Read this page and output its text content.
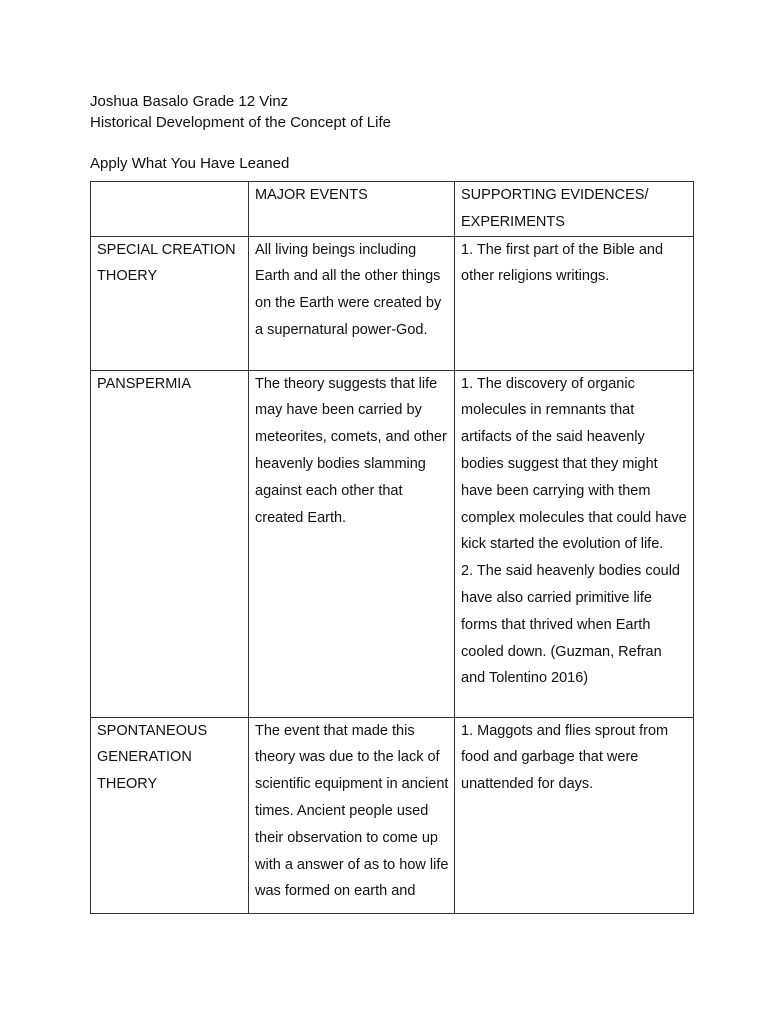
Joshua Basalo Grade 12 Vinz
Historical Development of the Concept of Life
Apply What You Have Leaned
	MAJOR EVENTS	SUPPORTING EVIDENCES/ EXPERIMENTS
SPECIAL CREATION THOERY	All living beings including Earth and all the other things on the Earth were created by a supernatural power-God.	1. The first part of the Bible and other religions writings.

PANSPERMIA	The theory suggests that life may have been carried by meteorites, comets, and other heavenly bodies slamming against each other that created Earth.	1. The discovery of organic molecules in remnants that artifacts of the said heavenly bodies suggest that they might have been carrying with them complex molecules that could have kick started the evolution of life.
2. The said heavenly bodies could have also carried primitive life forms that thrived when Earth cooled down. (Guzman, Refran and Tolentino 2016)

SPONTANEOUS GENERATION THEORY	The event that made this theory was due to the lack of scientific equipment in ancient times. Ancient people used their observation to come up with a answer of as to how life was formed on earth and	1. Maggots and flies sprout from food and garbage that were unattended for days.
